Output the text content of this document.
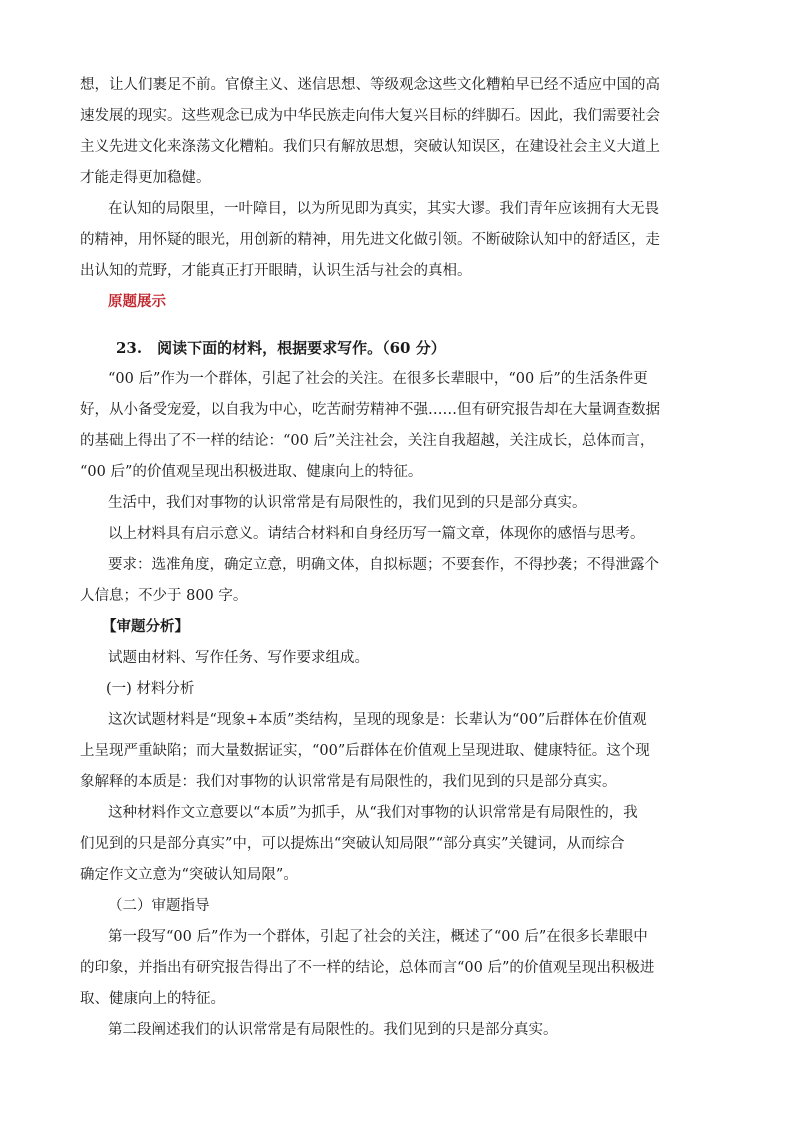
想，让人们裹足不前。官僚主义、迷信思想、等级观念这些文化糟粕早已经不适应中国的高
速发展的现实。这些观念已成为中华民族走向伟大复兴目标的绊脚石。因此，我们需要社会
主义先进文化来涤荡文化糟粕。我们只有解放思想，突破认知误区，在建设社会主义大道上
才能走得更加稳健。
在认知的局限里，一叶障目，以为所见即为真实，其实大谬。我们青年应该拥有大无畏
的精神，用怀疑的眼光，用创新的精神，用先进文化做引领。不断破除认知中的舒适区，走
出认知的荒野，才能真正打开眼睛，认识生活与社会的真相。
原题展示
23.　阅读下面的材料，根据要求写作。（60 分）
“00 后”作为一个群体，引起了社会的关注。在很多长辈眼中，“00 后”的生活条件更
好，从小备受宠爱，以自我为中心，吃苦耐劳精神不强……但有研究报告却在大量调查数据
的基础上得出了不一样的结论：“00 后”关注社会，关注自我超越，关注成长，总体而言，
“00 后”的价值观呈现出积极进取、健康向上的特征。
生活中，我们对事物的认识常常是有局限性的，我们见到的只是部分真实。
以上材料具有启示意义。请结合材料和自身经历写一篇文章，体现你的感悟与思考。
要求：选准角度，确定立意，明确文体，自拟标题；不要套作，不得抄袭；不得泄露个
人信息；不少于 800 字。
【审题分析】
试题由材料、写作任务、写作要求组成。
(一) 材料分析
这次试题材料是“现象+本质”类结构，呈现的现象是：长辈认为“00”后群体在价值观
上呈现严重缺陷；而大量数据证实，“00”后群体在价值观上呈现进取、健康特征。这个现
象解释的本质是：我们对事物的认识常常是有局限性的，我们见到的只是部分真实。
这种材料作文立意要以“本质”为抓手，从“我们对事物的认识常常是有局限性的，我
们见到的只是部分真实”中，可以提炼出“突破认知局限”“部分真实”关键词，从而综合
确定作文立意为“突破认知局限”。
（二）审题指导
第一段写“00 后”作为一个群体，引起了社会的关注，概述了“00 后”在很多长辈眼中
的印象，并指出有研究报告得出了不一样的结论，总体而言“00 后”的价值观呈现出积极进
取、健康向上的特征。
第二段阐述我们的认识常常是有局限性的。我们见到的只是部分真实。
